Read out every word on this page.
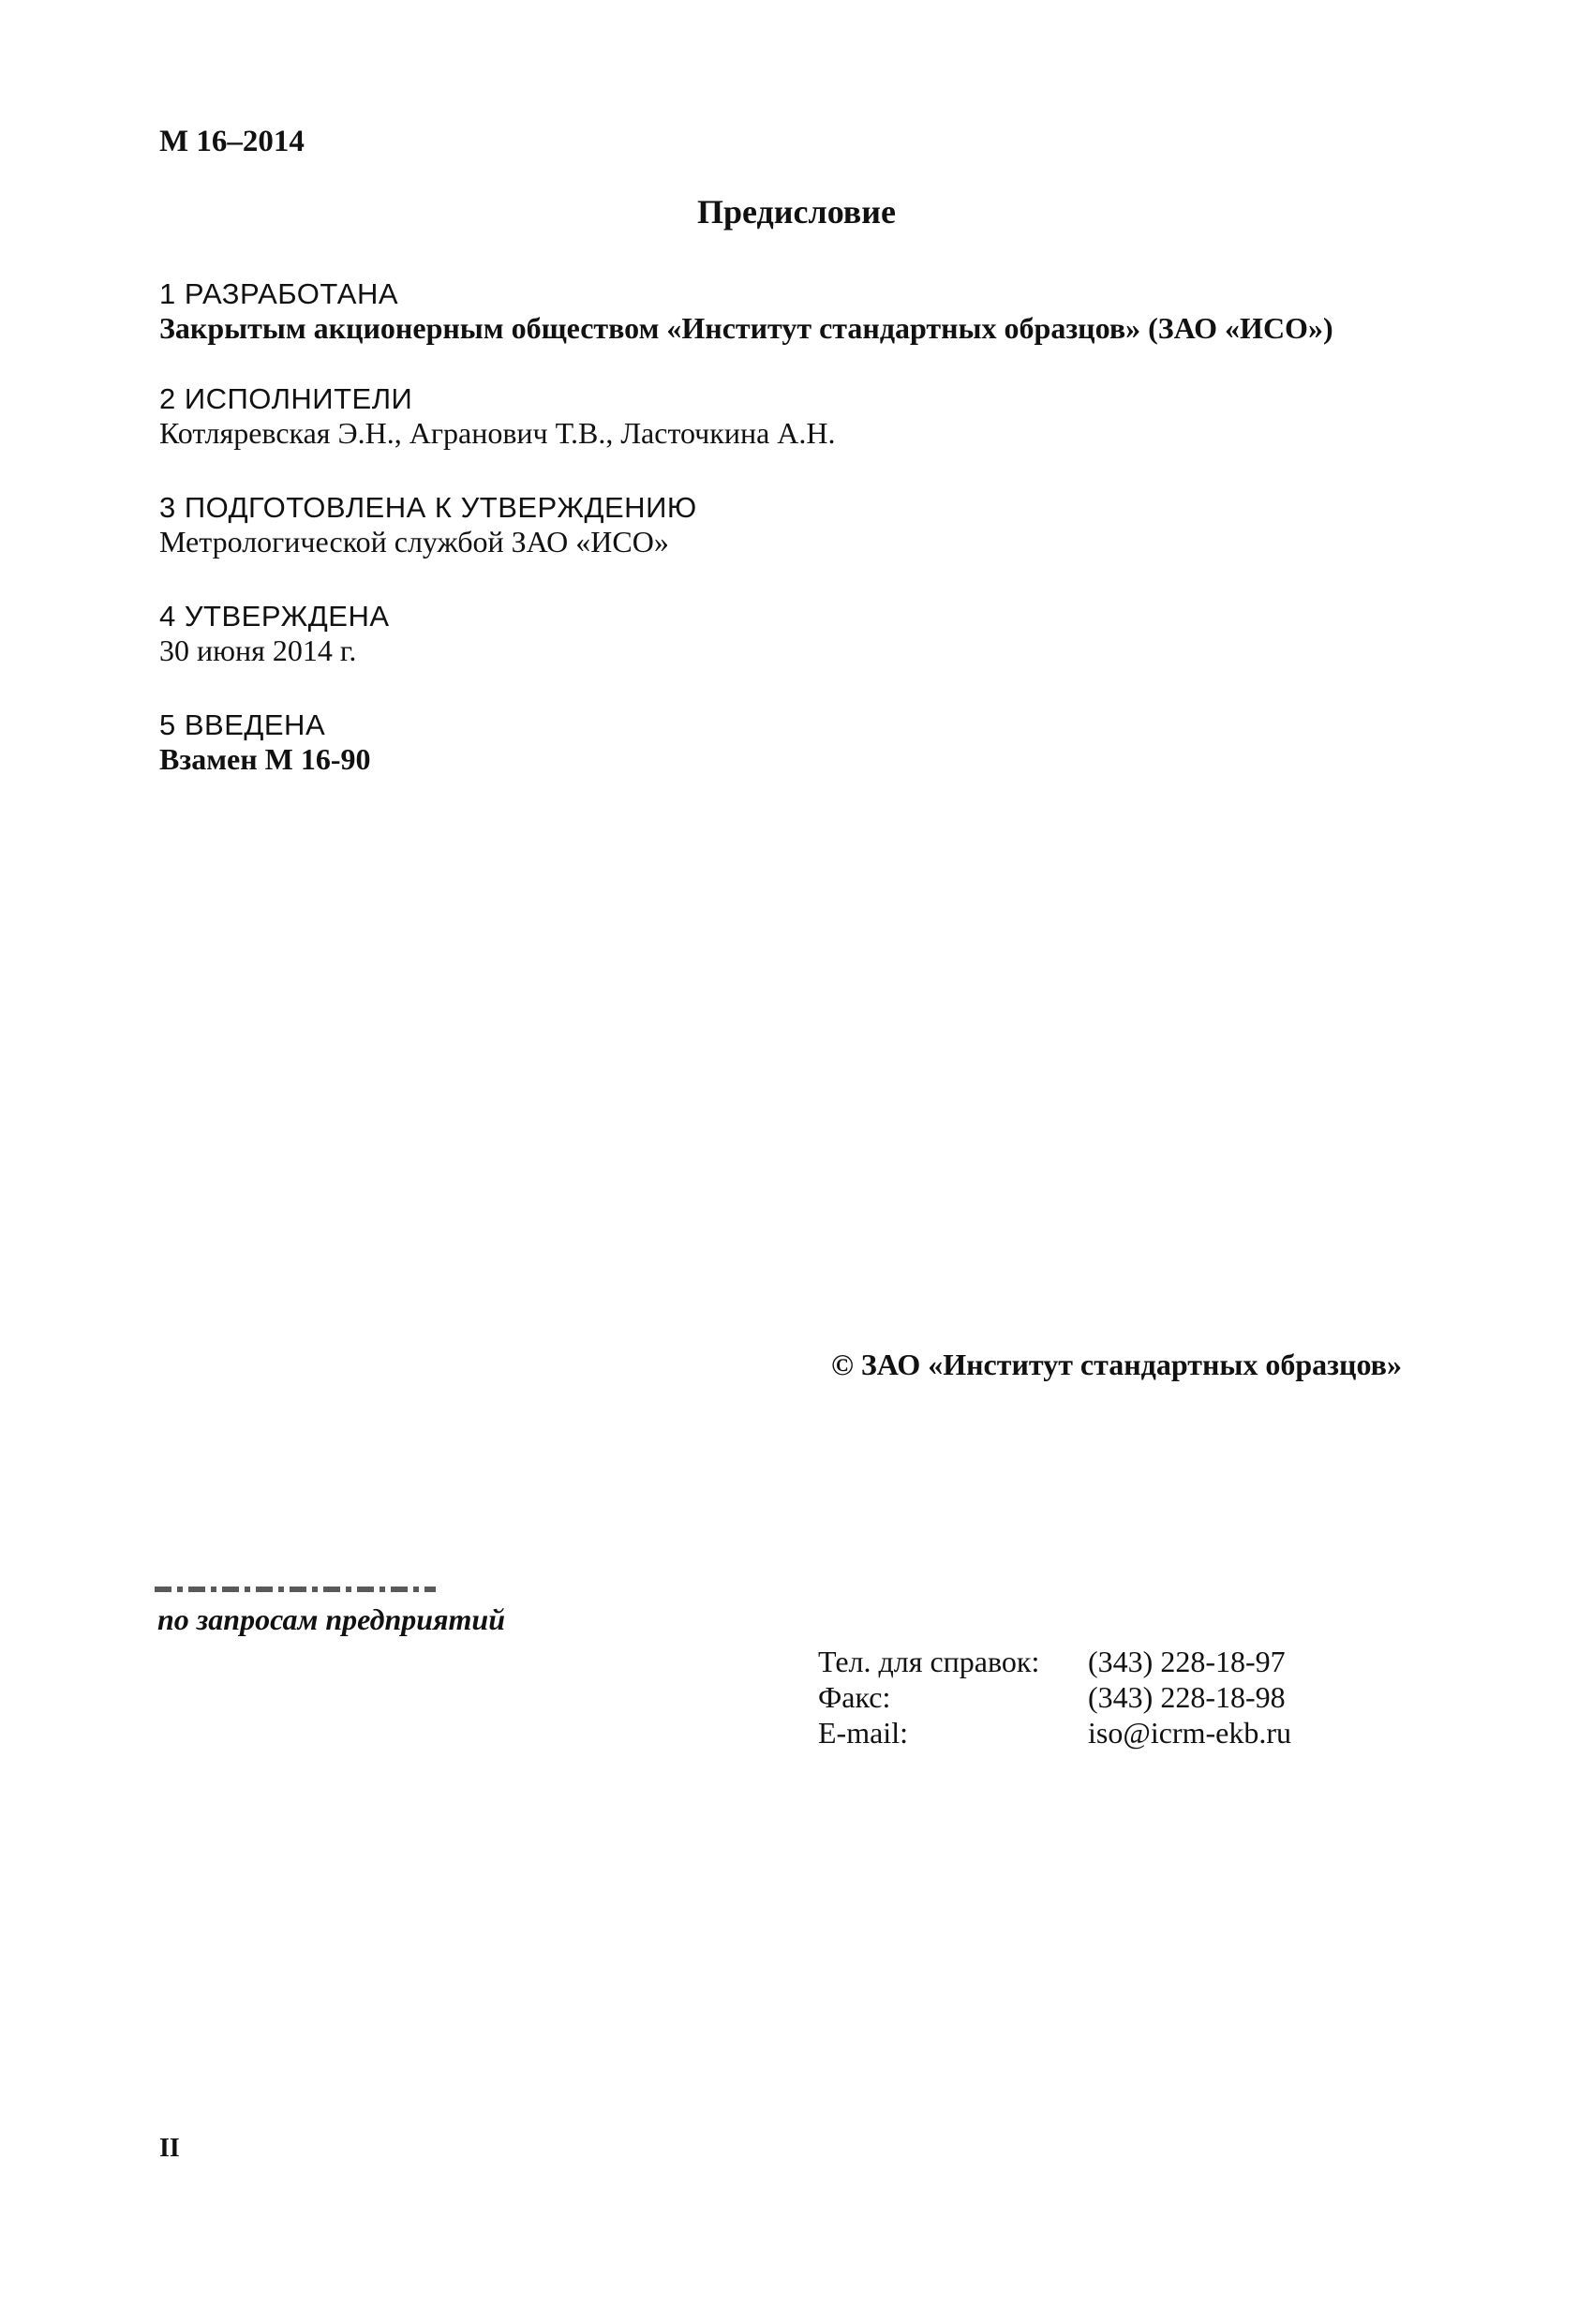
М 16–2014
Предисловие
1 РАЗРАБОТАНА
Закрытым акционерным обществом «Институт стандартных образцов» (ЗАО «ИСО»)
2 ИСПОЛНИТЕЛИ
Котляревская Э.Н., Агранович Т.В., Ласточкина А.Н.
3 ПОДГОТОВЛЕНА К УТВЕРЖДЕНИЮ
Метрологической службой ЗАО «ИСО»
4 УТВЕРЖДЕНА
30 июня 2014 г.
5 ВВЕДЕНА
Взамен М 16-90
© ЗАО «Институт стандартных образцов»
по запросам предприятий
Тел. для справок:	(343) 228-18-97
Факс:	(343) 228-18-98
E-mail:	iso@icrm-ekb.ru
II
